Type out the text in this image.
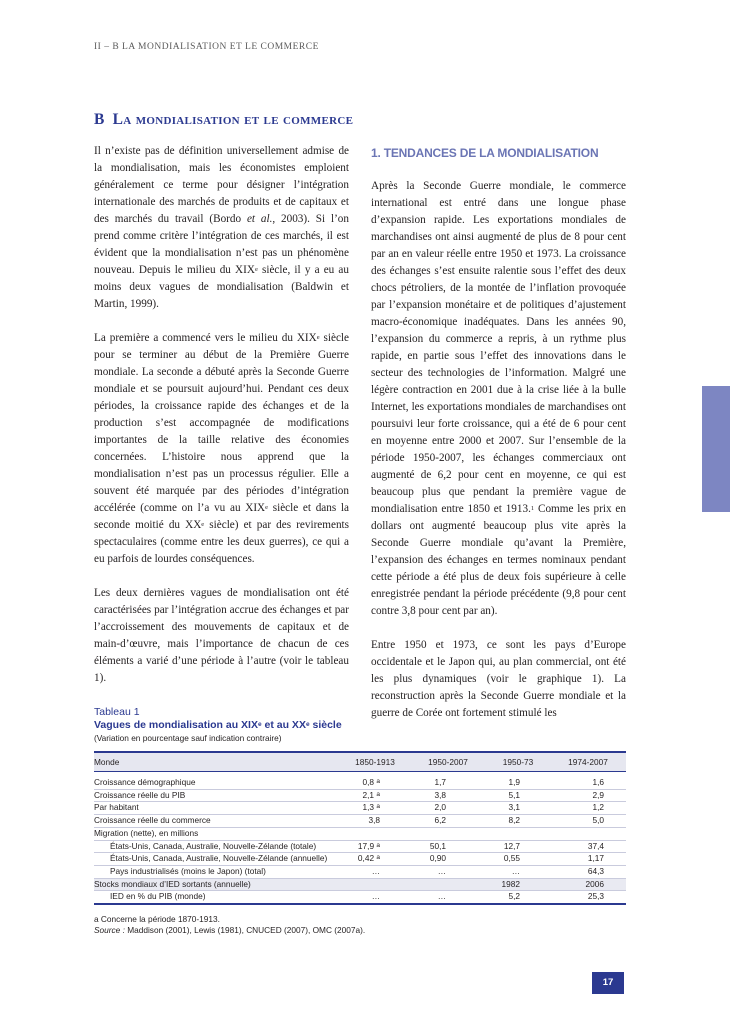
II – B LA MONDIALISATION ET LE COMMERCE
B La mondialisation et le commerce

Il n’existe pas de définition universellement admise de la mondialisation, mais les économistes emploient généralement ce terme pour désigner l’intégration internationale des marchés de produits et de capitaux et des marchés du travail (Bordo et al., 2003). Si l’on prend comme critère l’intégration de ces marchés, il est évident que la mondialisation n’est pas un phénomène nouveau. Depuis le milieu du XIXe siècle, il y a eu au moins deux vagues de mondialisation (Baldwin et Martin, 1999).

La première a commencé vers le milieu du XIXe siècle pour se terminer au début de la Première Guerre mondiale. La seconde a débuté après la Seconde Guerre mondiale et se poursuit aujourd’hui. Pendant ces deux périodes, la croissance rapide des échanges et de la production s’est accompagnée de modifications importantes de la taille relative des économies concernées. L’histoire nous apprend que la mondialisation n’est pas un processus régulier. Elle a souvent été marquée par des périodes d’intégration accélérée (comme on l’a vu au XIXe siècle et dans la seconde moitié du XXe siècle) et par des revirements spectaculaires (comme entre les deux guerres), ce qui a eu parfois de lourdes conséquences.

Les deux dernières vagues de mondialisation ont été caractérisées par l’intégration accrue des échanges et par l’accroissement des mouvements de capitaux et de main-d’œuvre, mais l’importance de chacun de ces éléments a varié d’une période à l’autre (voir le tableau 1).

1. TENDANCES DE LA MONDIALISATION

Après la Seconde Guerre mondiale, le commerce international est entré dans une longue phase d’expansion rapide. Les exportations mondiales de marchandises ont ainsi augmenté de plus de 8 pour cent par an en valeur réelle entre 1950 et 1973. La croissance des échanges s’est ensuite ralentie sous l’effet des deux chocs pétroliers, de la montée de l’inflation provoquée par l’expansion monétaire et de politiques d’ajustement macro-économique inadéquates. Dans les années 90, l’expansion du commerce a repris, à un rythme plus rapide, en partie sous l’effet des innovations dans le secteur des technologies de l’information. Malgré une légère contraction en 2001 due à la crise liée à la bulle Internet, les exportations mondiales de marchandises ont poursuivi leur forte croissance, qui a été de 6 pour cent en moyenne entre 2000 et 2007. Sur l’ensemble de la période 1950-2007, les échanges commerciaux ont augmenté de 6,2 pour cent en moyenne, ce qui est beaucoup plus que pendant la première vague de mondialisation entre 1850 et 1913.$^1$ Comme les prix en dollars ont augmenté beaucoup plus vite après la Seconde Guerre mondiale qu’avant la Première, l’expansion des échanges en termes nominaux pendant cette période a été plus de deux fois supérieure à celle enregistrée pendant la période précédente (9,8 pour cent contre 3,8 pour cent par an).

Entre 1950 et 1973, ce sont les pays d’Europe occidentale et le Japon qui, au plan commercial, ont été les plus dynamiques (voir le graphique 1). La reconstruction après la Seconde Guerre mondiale et la guerre de Corée ont fortement stimulé les

Tableau 1
Vagues de mondialisation au XIXe et au XXe siècle
(Variation en pourcentage sauf indication contraire)
Monde	1850-1913	1950-2007	1950-73	1974-2007

Croissance démographique	0,8 $^a$	1,7	1,9	1,6
Croissance réelle du PIB	2,1 $^a$	3,8	5,1	2,9
Par habitant	1,3 $^a$	2,0	3,1	1,2
Croissance réelle du commerce	3,8	6,2	8,2	5,0
Migration (nette), en millions				
États-Unis, Canada, Australie, Nouvelle-Zélande (totale)	17,9 $^a$	50,1	12,7	37,4
États-Unis, Canada, Australie, Nouvelle-Zélande (annuelle)	0,42 $^a$	0,90	0,55	1,17
Pays industrialisés (moins le Japon) (total)	…	…	…	64,3
Stocks mondiaux d’IED sortants (annuelle)			1982	2006
IED en % du PIB (monde)	…	…	5,2	25,3
a Concerne la période 1870-1913.
Source : Maddison (2001), Lewis (1981), CNUCED (2007), OMC (2007a).
17
